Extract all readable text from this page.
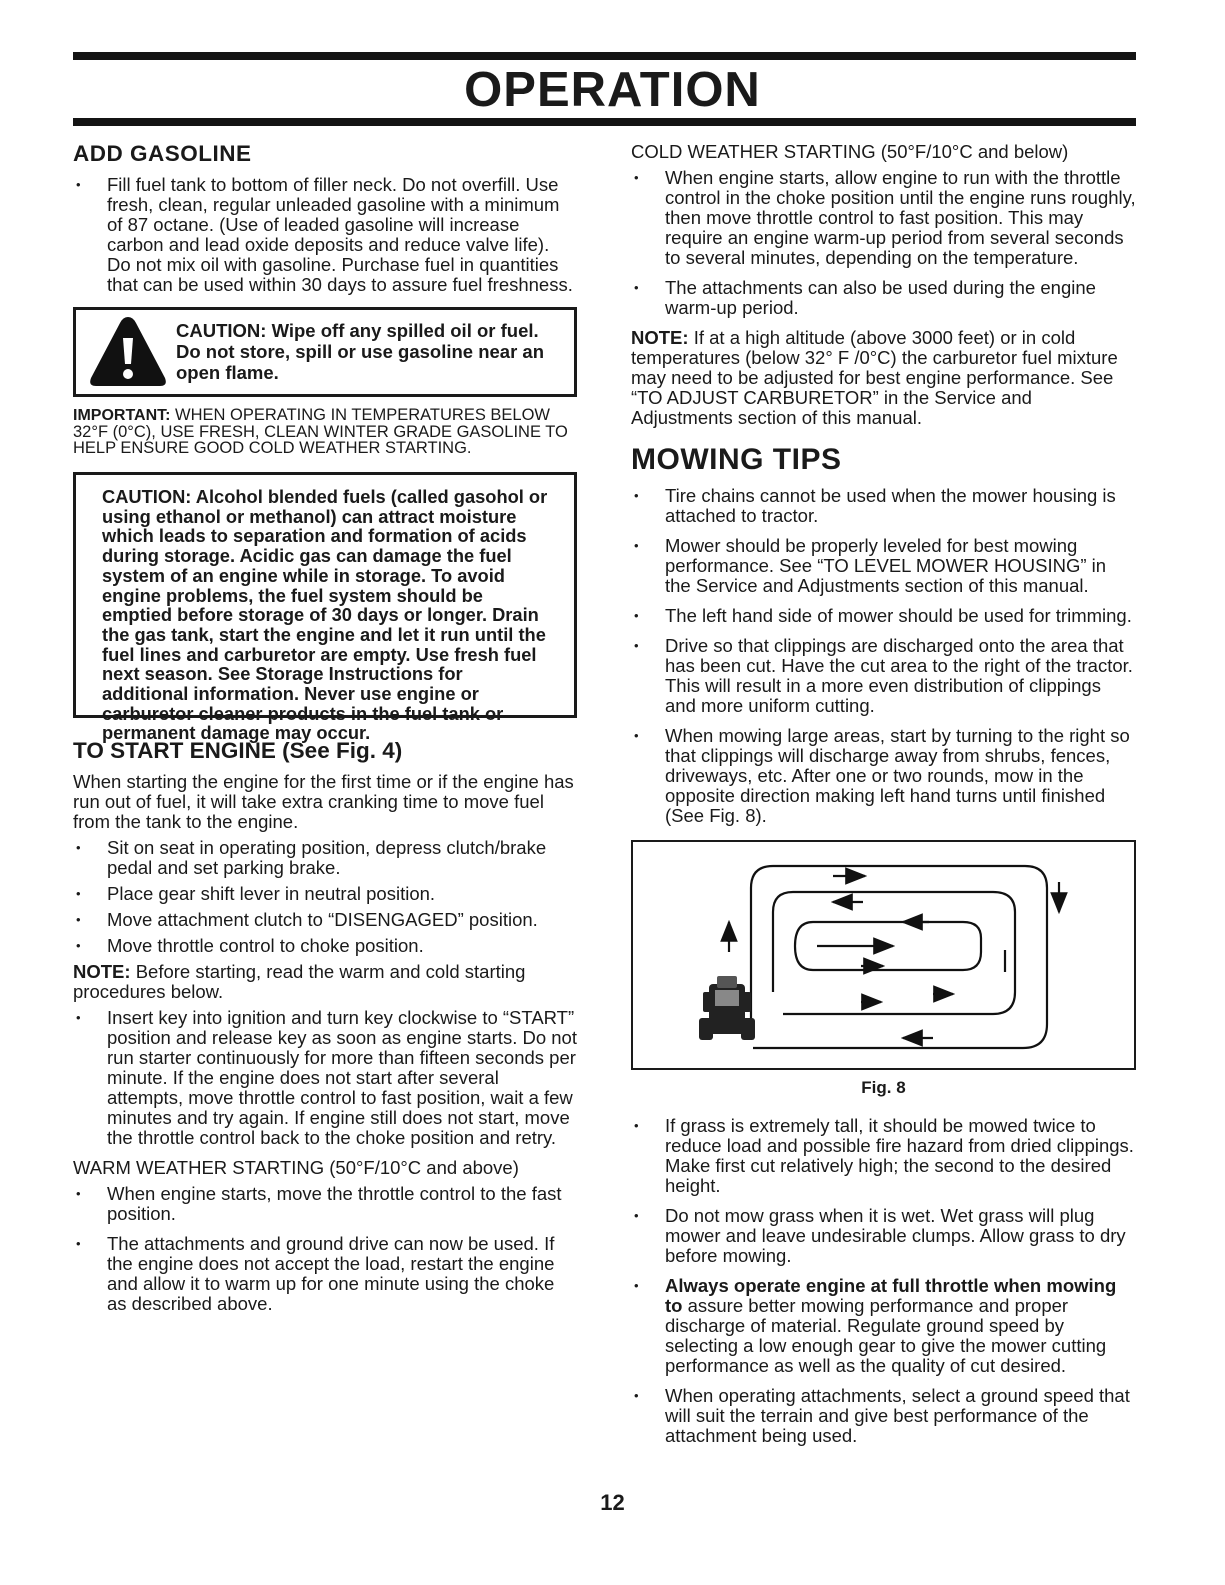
OPERATION
ADD GASOLINE
• Fill fuel tank to bottom of filler neck. Do not overfill. Use fresh, clean, regular unleaded gasoline with a minimum of 87 octane. (Use of leaded gasoline will increase carbon and lead oxide deposits and reduce valve life). Do not mix oil with gasoline. Purchase fuel in quantities that can be used within 30 days to assure fuel freshness.
CAUTION: Wipe off any spilled oil or fuel. Do not store, spill or use gasoline near an open flame.

IMPORTANT: WHEN OPERATING IN TEMPERATURES BELOW 32°F (0°C), USE FRESH, CLEAN WINTER GRADE GASOLINE TO HELP ENSURE GOOD COLD WEATHER STARTING.

CAUTION: Alcohol blended fuels (called gasohol or using ethanol or methanol) can attract moisture which leads to separation and formation of acids during storage. Acidic gas can damage the fuel system of an engine while in storage. To avoid engine problems, the fuel system should be emptied before storage of 30 days or longer. Drain the gas tank, start the engine and let it run until the fuel lines and carburetor are empty. Use fresh fuel next season. See Storage Instructions for additional information. Never use engine or carburetor cleaner products in the fuel tank or permanent damage may occur.
TO START ENGINE (See Fig. 4)

When starting the engine for the first time or if the engine has run out of fuel, it will take extra cranking time to move fuel from the tank to the engine.

• Sit on seat in operating position, depress clutch/brake pedal and set parking brake.
• Place gear shift lever in neutral position.
• Move attachment clutch to “DISENGAGED” position.
• Move throttle control to choke position.

NOTE: Before starting, read the warm and cold starting procedures below.

• Insert key into ignition and turn key clockwise to “START” position and release key as soon as engine starts. Do not run starter continuously for more than fifteen seconds per minute. If the engine does not start after several attempts, move throttle control to fast position, wait a few minutes and try again. If engine still does not start, move the throttle control back to the choke position and retry.

WARM WEATHER STARTING (50°F/10°C and above)

• When engine starts, move the throttle control to the fast position.
• The attachments and ground drive can now be used. If the engine does not accept the load, restart the engine and allow it to warm up for one minute using the choke as described above.

COLD WEATHER STARTING (50°F/10°C and below)

• When engine starts, allow engine to run with the throttle control in the choke position until the engine runs roughly, then move throttle control to fast position. This may require an engine warm-up period from several seconds to several minutes, depending on the temperature.
• The attachments can also be used during the engine warm-up period.

NOTE: If at a high altitude (above 3000 feet) or in cold temperatures (below 32° F /0°C) the carburetor fuel mixture may need to be adjusted for best engine performance. See “TO ADJUST CARBURETOR” in the Service and Adjustments section of this manual.

MOWING TIPS
• Tire chains cannot be used when the mower housing is attached to tractor.
• Mower should be properly leveled for best mowing performance. See “TO LEVEL MOWER HOUSING” in the Service and Adjustments section of this manual.
• The left hand side of mower should be used for trimming.
• Drive so that clippings are discharged onto the area that has been cut. Have the cut area to the right of the tractor. This will result in a more even distribution of clippings and more uniform cutting.
• When mowing large areas, start by turning to the right so that clippings will discharge away from shrubs, fences, driveways, etc. After one or two rounds, mow in the opposite direction making left hand turns until finished (See Fig. 8).
Fig. 8
• If grass is extremely tall, it should be mowed twice to reduce load and possible fire hazard from dried clippings. Make first cut relatively high; the second to the desired height.
• Do not mow grass when it is wet. Wet grass will plug mower and leave undesirable clumps. Allow grass to dry before mowing.
• Always operate engine at full throttle when mowing to assure better mowing performance and proper discharge of material. Regulate ground speed by selecting a low enough gear to give the mower cutting performance as well as the quality of cut desired.
• When operating attachments, select a ground speed that will suit the terrain and give best performance of the attachment being used.
12
